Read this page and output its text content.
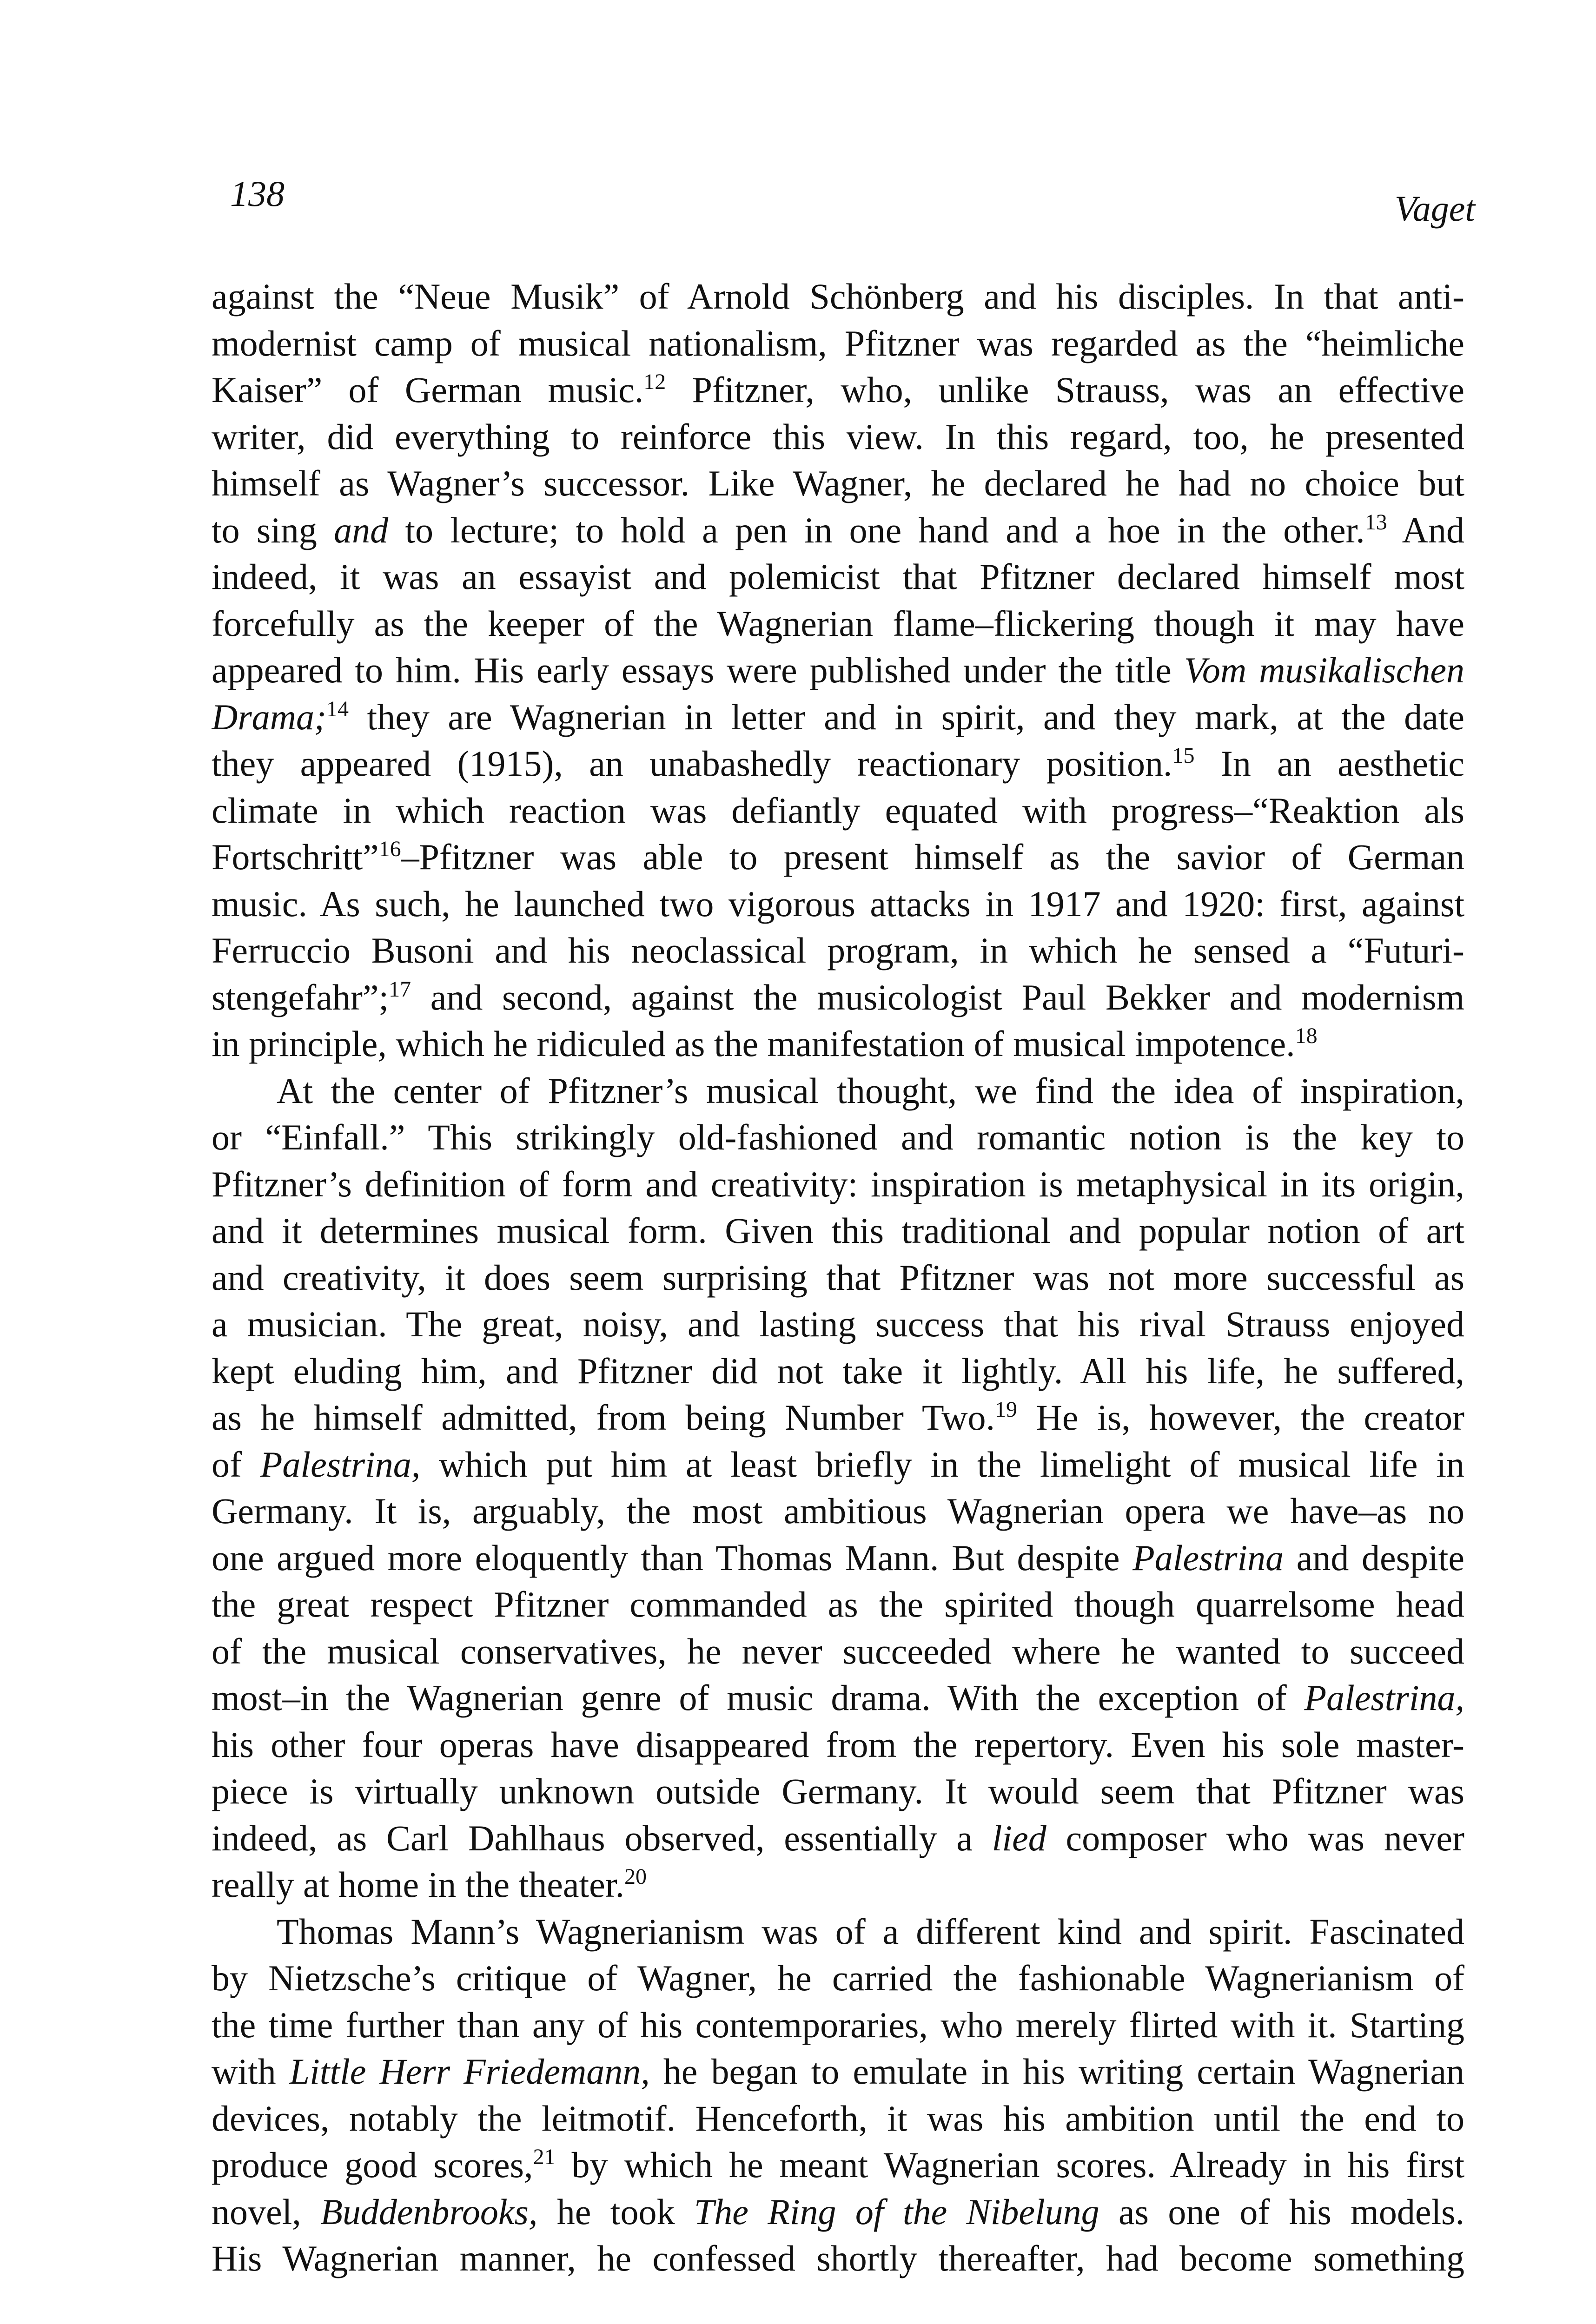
138	Vaget
against the “Neue Musik” of Arnold Schönberg and his disciples. In that anti-
modernist camp of musical nationalism, Pfitzner was regarded as the “heimliche
Kaiser” of German music.$^{12}$ Pfitzner, who, unlike Strauss, was an effective
writer, did everything to reinforce this view. In this regard, too, he presented
himself as Wagner’s successor. Like Wagner, he declared he had no choice but
to sing and to lecture; to hold a pen in one hand and a hoe in the other.$^{13}$ And
indeed, it was an essayist and polemicist that Pfitzner declared himself most
forcefully as the keeper of the Wagnerian flame–flickering though it may have
appeared to him. His early essays were published under the title Vom musikalischen
Drama;$^{14}$ they are Wagnerian in letter and in spirit, and they mark, at the date
they appeared (1915), an unabashedly reactionary position.$^{15}$ In an aesthetic
climate in which reaction was defiantly equated with progress–“Reaktion als
Fortschritt”$^{16}$–Pfitzner was able to present himself as the savior of German
music. As such, he launched two vigorous attacks in 1917 and 1920: first, against
Ferruccio Busoni and his neoclassical program, in which he sensed a “Futuri-
stengefahr”;$^{17}$ and second, against the musicologist Paul Bekker and modernism
in principle, which he ridiculed as the manifestation of musical impotence.$^{18}$
At the center of Pfitzner’s musical thought, we find the idea of inspiration,
or “Einfall.” This strikingly old-fashioned and romantic notion is the key to
Pfitzner’s definition of form and creativity: inspiration is metaphysical in its origin,
and it determines musical form. Given this traditional and popular notion of art
and creativity, it does seem surprising that Pfitzner was not more successful as
a musician. The great, noisy, and lasting success that his rival Strauss enjoyed
kept eluding him, and Pfitzner did not take it lightly. All his life, he suffered,
as he himself admitted, from being Number Two.$^{19}$ He is, however, the creator
of Palestrina, which put him at least briefly in the limelight of musical life in
Germany. It is, arguably, the most ambitious Wagnerian opera we have–as no
one argued more eloquently than Thomas Mann. But despite Palestrina and despite
the great respect Pfitzner commanded as the spirited though quarrelsome head
of the musical conservatives, he never succeeded where he wanted to succeed
most–in the Wagnerian genre of music drama. With the exception of Palestrina,
his other four operas have disappeared from the repertory. Even his sole master-
piece is virtually unknown outside Germany. It would seem that Pfitzner was
indeed, as Carl Dahlhaus observed, essentially a lied composer who was never
really at home in the theater.$^{20}$
Thomas Mann’s Wagnerianism was of a different kind and spirit. Fascinated
by Nietzsche’s critique of Wagner, he carried the fashionable Wagnerianism of
the time further than any of his contemporaries, who merely flirted with it. Starting
with Little Herr Friedemann, he began to emulate in his writing certain Wagnerian
devices, notably the leitmotif. Henceforth, it was his ambition until the end to
produce good scores,$^{21}$ by which he meant Wagnerian scores. Already in his first
novel, Buddenbrooks, he took The Ring of the Nibelung as one of his models.
His Wagnerian manner, he confessed shortly thereafter, had become something
